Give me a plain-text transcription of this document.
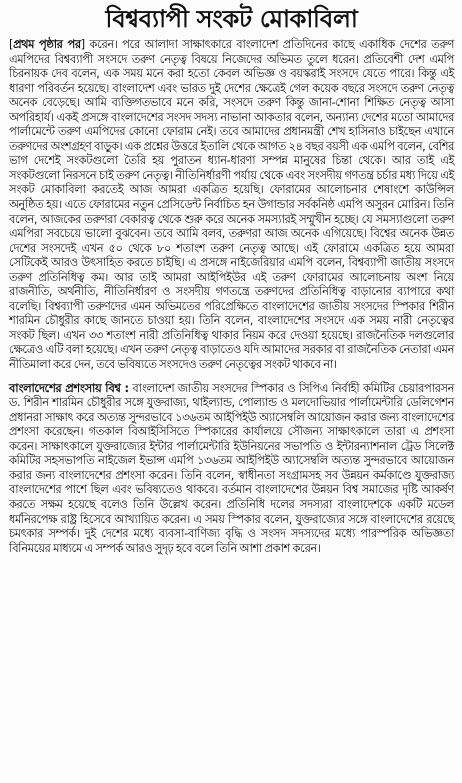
বিশ্বব্যাপী সংকট মোকাবিলা

[প্রথম পৃষ্ঠার পর] করেন। পরে আলাদা সাক্ষাৎকারে বাংলাদেশ প্রতিদিনের কাছে একাধিক দেশের তরুণ এমপিদের বিশ্বব্যাপী সংসদে তরুণ নেতৃত্ব বিষয়ে নিজেদের অভিমত তুলে ধরেন। প্রতিবেশী দেশ এমপি চিরনায়ক দেব বলেন, এক সময় মনে করা হতো কেবল অভিজ্ঞ ও বয়স্করাই সংসদে যেতে পারে। কিন্তু এই ধারণা পরিবর্তন হয়েছে। বাংলাদেশ এবং ভারত দুই দেশের ক্ষেত্রেই গেল কয়েক বছরে সংসদে তরুণ নেতৃত্ব অনেক বেড়েছে। আমি ব্যক্তিগতভাবে মনে করি, সংসদে তরুণ কিন্তু জানা-শোনা শিক্ষিত নেতৃত্ব আসা অপরিহার্য। একই প্রসঙ্গে বাংলাদেশের সংসদ সদস্য নাভানা আকতার বলেন, অন্যান্য দেশের মতো আমাদের পার্লামেন্টে তরুণ এমপিদের কোনো ফোরাম নেই। তবে আমাদের প্রধানমন্ত্রী শেখ হাসিনাও চাইছেন এখানে তরুণদের অংশগ্রহণ বাড়ুক। এক প্রশ্নের উত্তরে ইতালি থেকে আগত ২৪ বছর বয়সী এক এমপি বলেন, বেশির ভাগ দেশেই সংকটগুলো তৈরি হয় পুরাতন ধ্যান-ধারণা সম্পন্ন মানুষের চিন্তা থেকে। আর তাই এই সংকটগুলো নিরসনে চাই তরুণ নেতৃত্ব। নীতিনির্ধারণী পর্যায় থেকে এবং সংসদীয় গণতন্ত্র চর্চার মধ্য দিয়ে এই সংকট মোকাবিলা করতেই আজ আমরা একত্রিত হয়েছি। ফোরামের আলোচনার শেষাংশে কাউন্সিল অনুষ্ঠিত হয়। এতে ফোরামের নতুন প্রেসিডেন্ট নির্বাচিত হন উগান্ডার সর্বকনিষ্ঠ এমপি অসুরন মোরিন। তিনি বলেন, আজকের তরুণরা বেকারত্ব থেকে শুরু করে অনেক সমস্যারই সম্মুখীন হচ্ছে। যে সমস্যাগুলো তরুণ এমপিরা সবচেয়ে ভালো বুঝবেন। তবে আমি বলব, তরুণরা আজ অনেক এগিয়েছে। বিশ্বের অনেক উন্নত দেশের সংসদেই এখন ৫০ থেকে ৮০ শতাংশ তরুণ নেতৃত্ব আছে। এই ফোরামে একত্রিত হয়ে আমরা সেটিকেই আরও উৎসাহিত করতে চাইছি। এ প্রসঙ্গে নাইজেরিয়ার এমপি বলেন, বিশ্বব্যাপী জাতীয় সংসদে তরুণ প্রতিনিধিত্ব কম। আর তাই আমরা আইপিইউর এই তরুণ ফোরামের আলোচনায় অংশ নিয়ে রাজনীতি, অর্থনীতি, নীতিনির্ধারণ ও সংসদীয় গণতন্ত্রে তরুণদের প্রতিনিধিত্ব বাড়ানোর ব্যাপারে কথা বলেছি। বিশ্বব্যাপী তরুণদের এমন অভিমতের পরিপ্রেক্ষিতে বাংলাদেশের জাতীয় সংসদের স্পিকার শিরীন শারমিন চৌধুরীর কাছে জানতে চাওয়া হয়। তিনি বলেন, বাংলাদেশের সংসদে এক সময় নারী নেতৃত্বের সংকট ছিল। এখন ৩৩ শতাংশ নারী প্রতিনিধিত্ব থাকার নিয়ম করে দেওয়া হয়েছে। রাজনৈতিক দলগুলোর ক্ষেত্রেও এটি বলা হয়েছে। এখন তরুণ নেতৃত্ব বাড়াতেও যদি আমাদের সরকার বা রাজনৈতিক নেতারা এমন নীতিমালা করে দেন, তবে ভবিষ্যতে সংসদেও তরুণ নেতৃত্বের সংকট থাকবে না।

বাংলাদেশের প্রশংসায় বিশ্ব : বাংলাদেশ জাতীয় সংসদের স্পিকার ও সিপিএ নির্বাহী কমিটির চেয়ারপারসন ড. শিরীন শারমিন চৌধুরীর সঙ্গে যুক্তরাজ্য, থাইল্যান্ড, পোল্যান্ড ও মলদোভিয়ার পার্লামেন্টারি ডেলিগেশন প্রধানরা সাক্ষাৎ করে অত্যন্ত সুন্দরভাবে ১৩৬তম আইপিইউ অ্যাসেম্বলি আয়োজন করার জন্য বাংলাদেশের প্রশংসা করেছেন। গতকাল বিআইসিসিতে স্পিকারের কার্যালয়ে সৌজন্য সাক্ষাৎকালে তারা এ প্রশংসা করেন। সাক্ষাৎকালে যুক্তরাজ্যের ইন্টার পার্লামেন্টারি ইউনিয়নের সভাপতি ও ইন্টারন্যাশনাল ট্রেড সিলেক্ট কমিটির সহসভাপতি নাইজেল ইভান্স এমপি ১৩৬তম আইপিইউ অ্যাসেম্বলি অত্যন্ত সুন্দরভাবে আয়োজন করার জন্য বাংলাদেশের প্রশংসা করেন। তিনি বলেন, স্বাধীনতা সংগ্রামসহ সব উন্নয়ন কর্মকাণ্ডে যুক্তরাজ্য বাংলাদেশের পাশে ছিল এবং ভবিষ্যতেও থাকবে। বর্তমান বাংলাদেশের উন্নয়ন বিশ্ব সমাজের দৃষ্টি আকর্ষণ করতে সক্ষম হয়েছে বলেও তিনি উল্লেখ করেন। প্রতিনিধি দলের সদস্যরা বাংলাদেশকে একটি মডেল ধর্মনিরপেক্ষ রাষ্ট্র হিসেবে আখ্যায়িত করেন। এ সময় স্পিকার বলেন, যুক্তরাজ্যের সঙ্গে বাংলাদেশের রয়েছে চমৎকার সম্পর্ক। দুই দেশের মধ্যে ব্যবসা-বাণিজ্য বৃদ্ধি ও সংসদ সদস্যদের মধ্যে পারস্পরিক অভিজ্ঞতা বিনিময়ের মাধ্যমে এ সম্পর্ক আরও সুদৃঢ় হবে বলে তিনি আশা প্রকাশ করেন।
